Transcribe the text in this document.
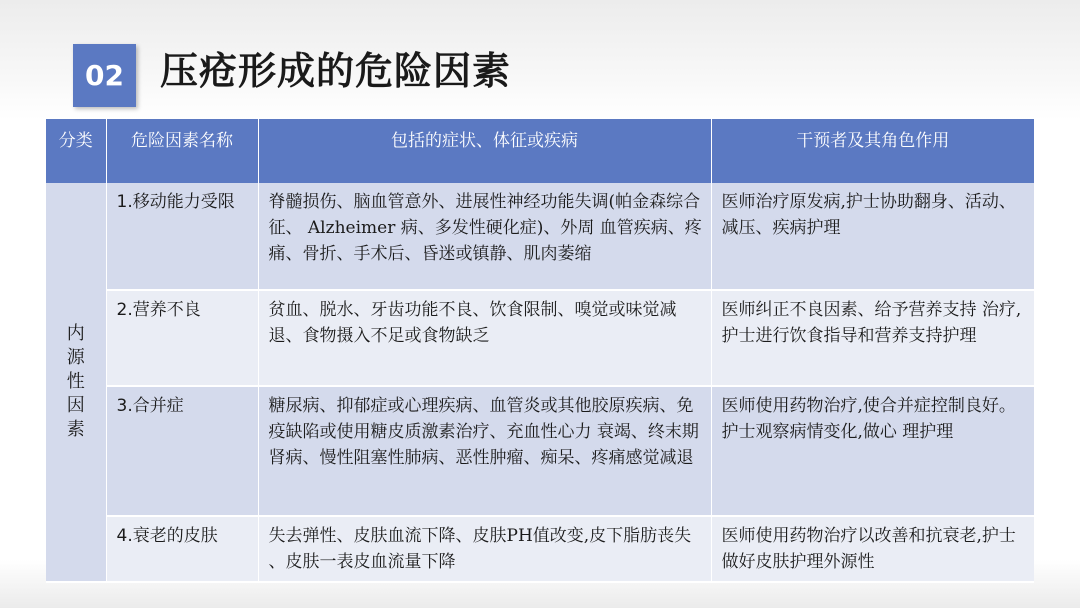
02 压疮形成的危险因素
分类	危险因素名称	包括的症状、体征或疾病	干预者及其角色作用
内源性因素	1.移动能力受限	脊髓损伤、脑血管意外、进展性神经功能失调(帕金森综合征、 Alzheimer 病、多发性硬化症)、外周 血管疾病、疼痛、骨折、手术后、昏迷或镇静、肌肉萎缩	医师治疗原发病,护士协助翻身、活动、减压、疾病护理
	2.营养不良	贫血、脱水、牙齿功能不良、饮食限制、嗅觉或味觉减退、食物摄入不足或食物缺乏	医师纠正不良因素、给予营养支持 治疗,护士进行饮食指导和营养支持护理
	3.合并症	糖尿病、抑郁症或心理疾病、血管炎或其他胶原疾病、免疫缺陷或使用糖皮质激素治疗、充血性心力 衰竭、终末期肾病、慢性阻塞性肺病、恶性肿瘤、痴呆、疼痛感觉减退	医师使用药物治疗,使合并症控制良好。护士观察病情变化,做心 理护理
	4.衰老的皮肤	失去弹性、皮肤血流下降、皮肤PH值改变,皮下脂肪丧失 、皮肤一表皮血流量下降	医师使用药物治疗以改善和抗衰老,护士做好皮肤护理外源性
